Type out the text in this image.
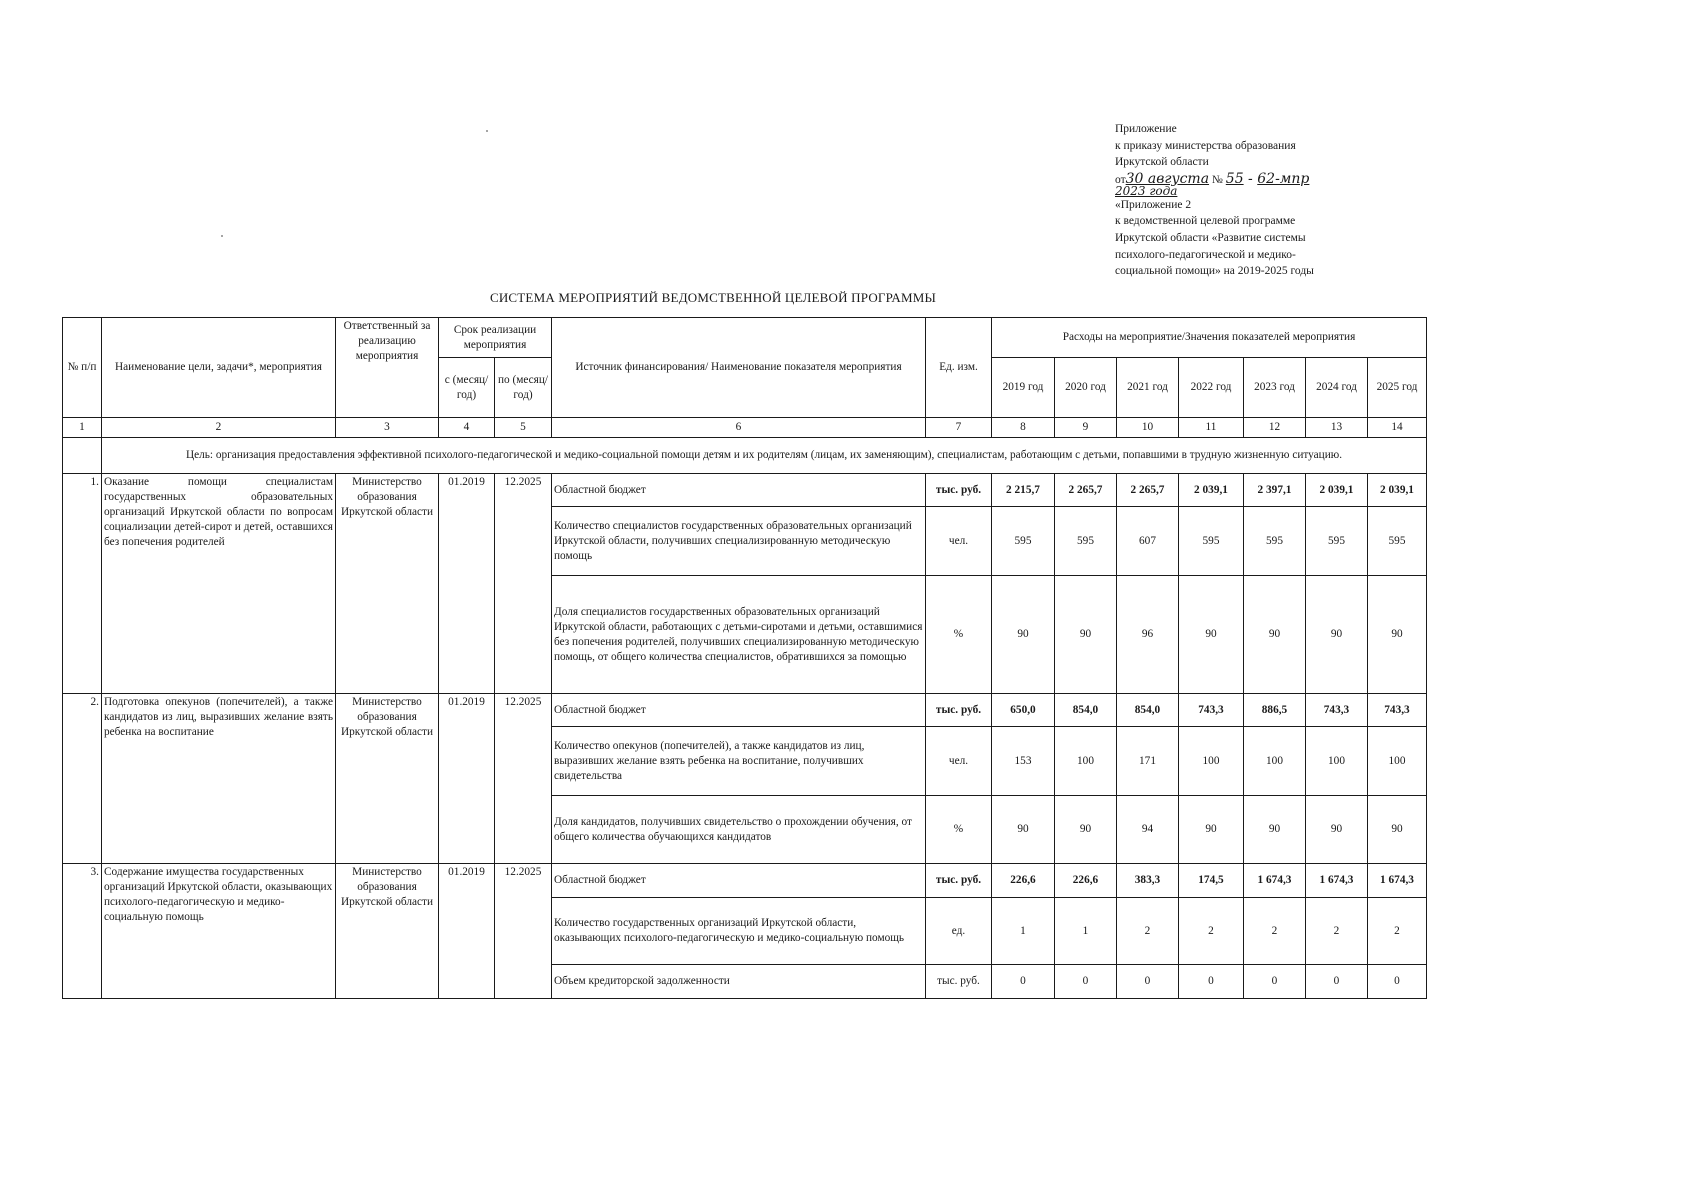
Приложение
к приказу министерства образования
Иркутской области
от30 августа № 55 - 62-мпр
2023 года
«Приложение 2
к ведомственной целевой программе
Иркутской области «Развитие системы
психолого-педагогической и медико-
социальной помощи» на 2019-2025 годы
СИСТЕМА МЕРОПРИЯТИЙ ВЕДОМСТВЕННОЙ ЦЕЛЕВОЙ ПРОГРАММЫ
№ п/п	Наименование цели, задачи*, мероприятия	Ответственный за реализацию мероприятия	Срок реализации мероприятия		Источник финансирования/ Наименование показателя мероприятия	Ед. изм.	Расходы на мероприятие/Значения показателей мероприятия						
			с (месяц/ год)	по (месяц/ год)			2019 год	2020 год	2021 год	2022 год	2023 год	2024 год	2025 год
1	2	3	4	5	6	7	8	9	10	11	12	13	14
	Цель: организация предоставления эффективной психолого-педагогической и медико-социальной помощи детям и их родителям (лицам, их заменяющим), специалистам, работающим с детьми, попавшими в трудную жизненную ситуацию.												
1.	Оказание помощи специалистам государственных образовательных организаций Иркутской области по вопросам социализации детей-сирот и детей, оставшихся без попечения родителей	Министерство образования Иркутской области	01.2019	12.2025	Областной бюджет	тыс. руб.	2 215,7	2 265,7	2 265,7	2 039,1	2 397,1	2 039,1	2 039,1
					Количество специалистов государственных образовательных организаций Иркутской области, получивших специализированную методическую помощь	чел.	595	595	607	595	595	595	595
					Доля специалистов государственных образовательных организаций Иркутской области, работающих с детьми-сиротами и детьми, оставшимися без попечения родителей, получивших специализированную методическую помощь, от общего количества специалистов, обратившихся за помощью	%	90	90	96	90	90	90	90
2.	Подготовка опекунов (попечителей), а также кандидатов из лиц, выразивших желание взять ребенка на воспитание	Министерство образования Иркутской области	01.2019	12.2025	Областной бюджет	тыс. руб.	650,0	854,0	854,0	743,3	886,5	743,3	743,3
					Количество опекунов (попечителей), а также кандидатов из лиц, выразивших желание взять ребенка на воспитание, получивших свидетельства	чел.	153	100	171	100	100	100	100
					Доля кандидатов, получивших свидетельство о прохождении обучения, от общего количества обучающихся кандидатов	%	90	90	94	90	90	90	90
3.	Содержание имущества государственных организаций Иркутской области, оказывающих психолого-педагогическую и медико-социальную помощь	Министерство образования Иркутской области	01.2019	12.2025	Областной бюджет	тыс. руб.	226,6	226,6	383,3	174,5	1 674,3	1 674,3	1 674,3
					Количество государственных организаций Иркутской области, оказывающих психолого-педагогическую и медико-социальную помощь	ед.	1	1	2	2	2	2	2
					Объем кредиторской задолженности	тыс. руб.	0	0	0	0	0	0	0
